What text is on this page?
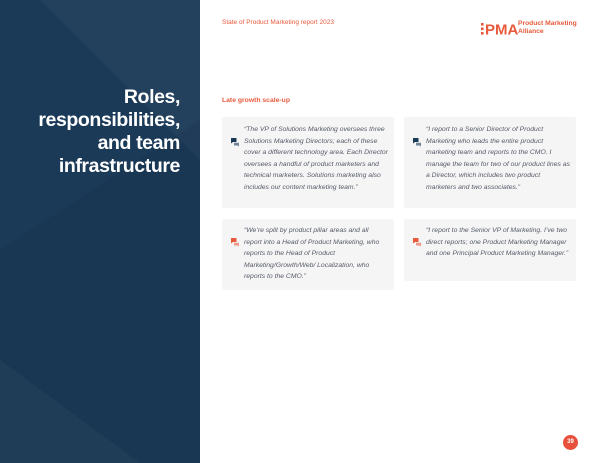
Roles,
responsibilities,
and team
infrastructure
State of Product Marketing report 2023	PMA Product Marketing Alliance
Late growth scale-up
“The VP of Solutions Marketing oversees three Solutions Marketing Directors; each of these cover a different technology area. Each Director oversees a handful of product marketers and technical marketers. Solutions marketing also includes our content marketing team.”
“I report to a Senior Director of Product Marketing who leads the entire product marketing team and reports to the CMO. I manage the team for two of our product lines as a Director, which includes two product marketers and two associates.”
“We’re split by product pillar areas and all report into a Head of Product Marketing, who reports to the Head of Product Marketing/Growth/Web/ Localization, who reports to the CMO.”
“I report to the Senior VP of Marketing. I’ve two direct reports; one Product Marketing Manager and one Principal Product Marketing Manager.”
39
